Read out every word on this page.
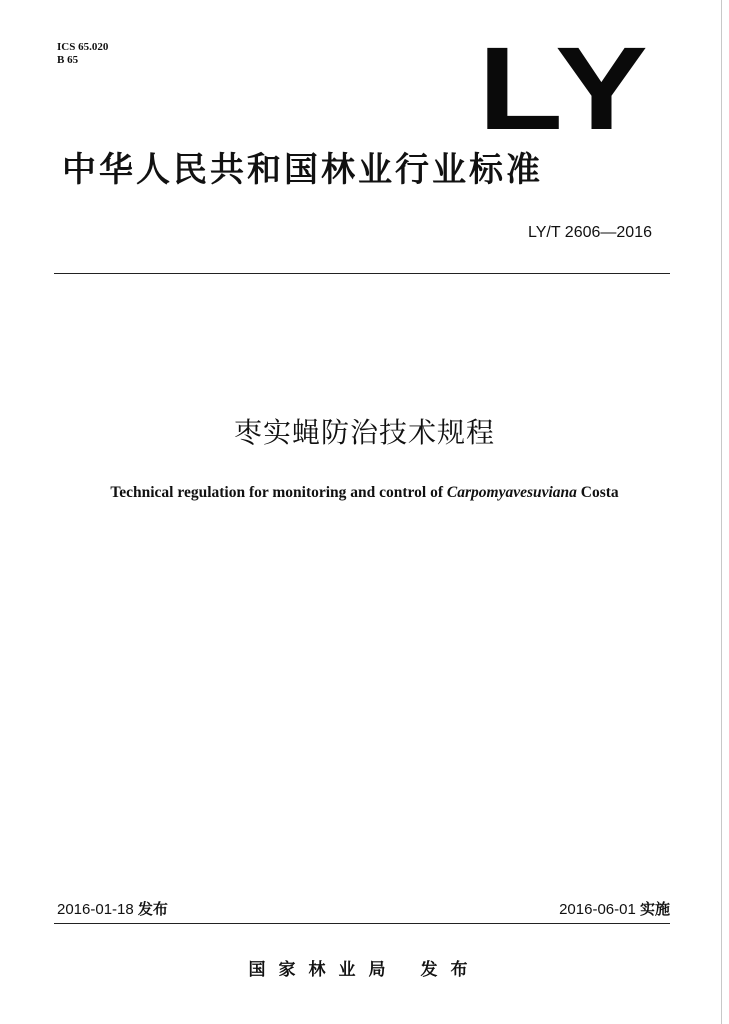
ICS 65.020
B 65	LY
中华人民共和国林业行业标准
LY/T 2606—2016
枣实蝇防治技术规程
Technical regulation for monitoring and control of Carpomyavesuviana Costa
2016-01-18 发布	2016-06-01 实施
国家林业局 发布
